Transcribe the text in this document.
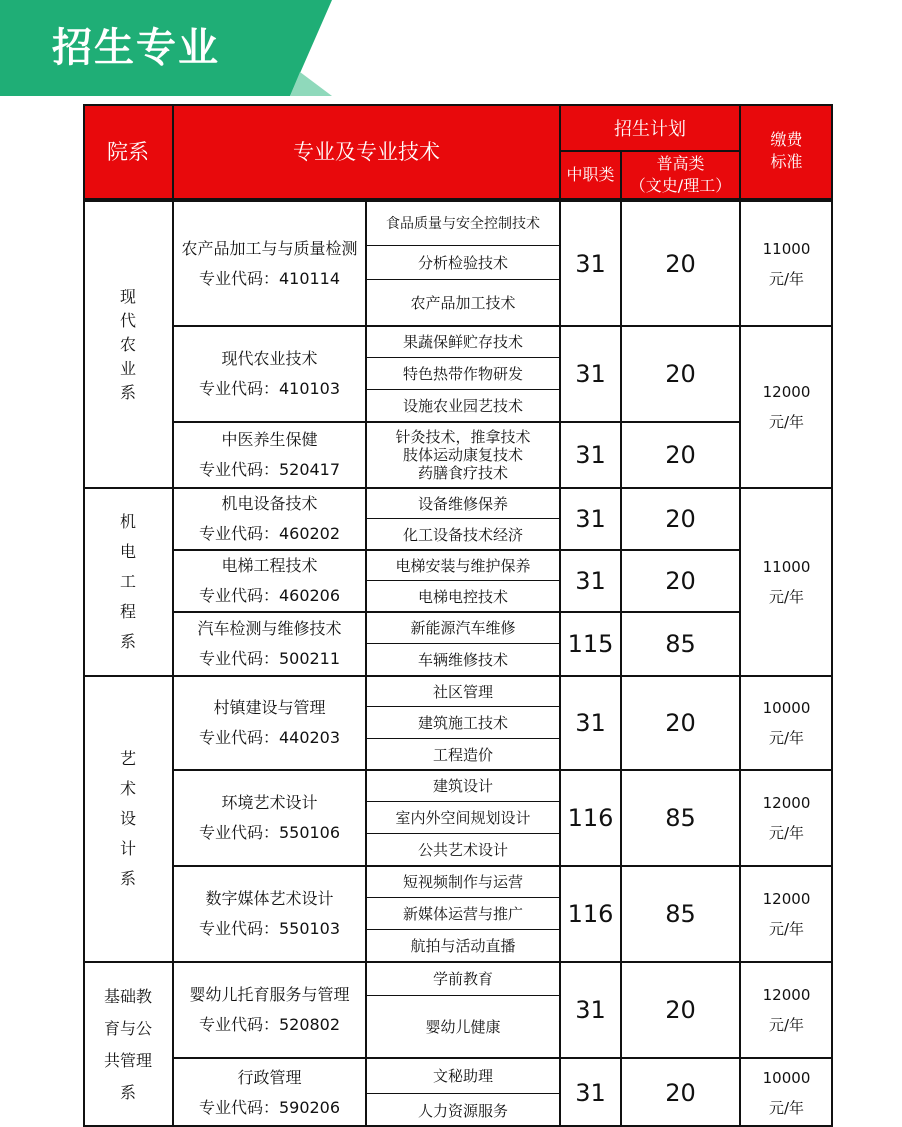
招生专业
院系	专业及专业技术
招生计划
中职类
普高类
（文史/理工）
缴费
标准
现代农业系
机电工程系
艺术设计系
基础教育与公共管理系
农产品加工与与质量检测
专业代码：410114
现代农业技术
专业代码：410103
中医养生保健
专业代码：520417
机电设备技术
专业代码：460202
电梯工程技术
专业代码：460206
汽车检测与维修技术
专业代码：500211
村镇建设与管理
专业代码：440203
环境艺术设计
专业代码：550106
数字媒体艺术设计
专业代码：550103
婴幼儿托育服务与管理
专业代码：520802
行政管理
专业代码：590206
食品质量与安全控制技术
分析检验技术
农产品加工技术
果蔬保鲜贮存技术
特色热带作物研发
设施农业园艺技术
针灸技术，推拿技术
肢体运动康复技术
药膳食疗技术
设备维修保养
化工设备技术经济
电梯安装与维护保养
电梯电控技术
新能源汽车维修
车辆维修技术
社区管理
建筑施工技术
工程造价
建筑设计
室内外空间规划设计
公共艺术设计
短视频制作与运营
新媒体运营与推广
航拍与活动直播
学前教育
婴幼儿健康
文秘助理
人力资源服务
31
31
31
31
31
115
31
116
116
31
31
20
20
20
20
20
85
20
85
85
20
20
11000
元/年
12000
元/年
11000
元/年
10000
元/年
12000
元/年
12000
元/年
12000
元/年
10000
元/年
